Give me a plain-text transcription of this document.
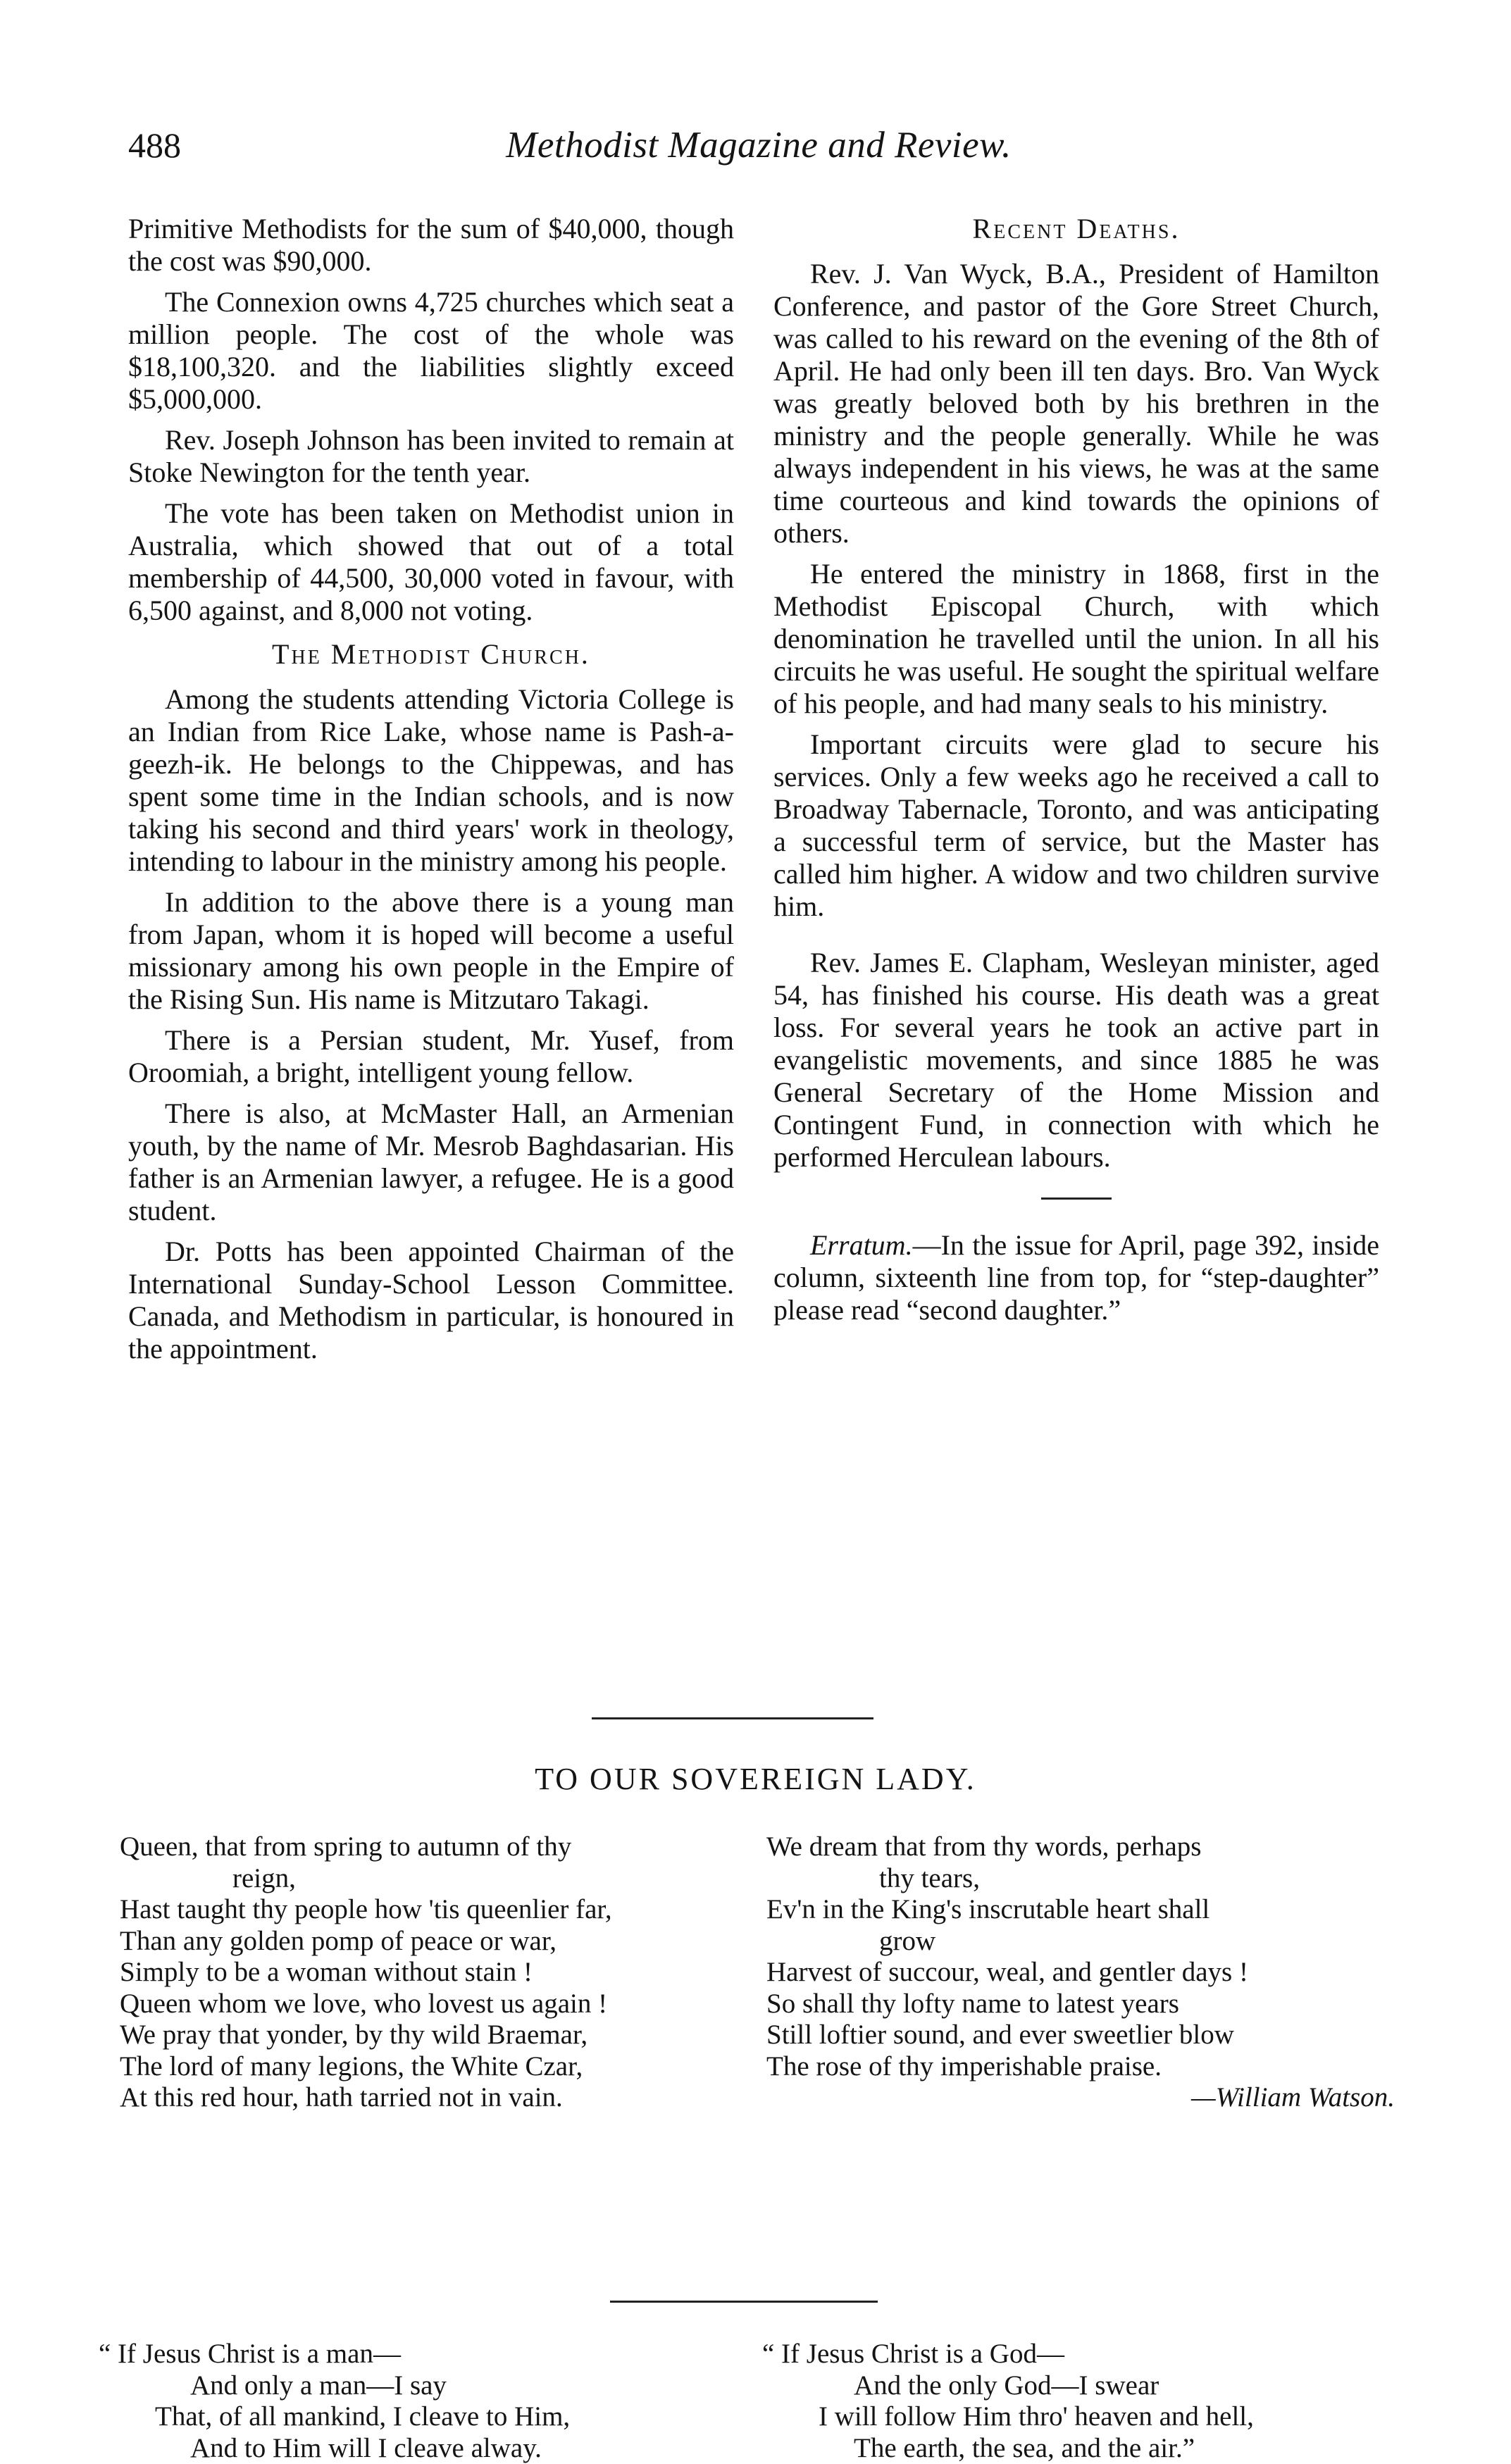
488	Methodist Magazine and Review.

Primitive Methodists for the sum of $40,000, though the cost was $90,000.

The Connexion owns 4,725 churches which seat a million people. The cost of the whole was $18,100,320. and the liabilities slightly exceed $5,000,000.

Rev. Joseph Johnson has been invited to remain at Stoke Newington for the tenth year.

The vote has been taken on Methodist union in Australia, which showed that out of a total membership of 44,500, 30,000 voted in favour, with 6,500 against, and 8,000 not voting.

The Methodist Church.

Among the students attending Victoria College is an Indian from Rice Lake, whose name is Pash-a-geezh-ik. He belongs to the Chippewas, and has spent some time in the Indian schools, and is now taking his second and third years' work in theology, intending to labour in the ministry among his people.

In addition to the above there is a young man from Japan, whom it is hoped will become a useful missionary among his own people in the Empire of the Rising Sun. His name is Mitzutaro Takagi.

There is a Persian student, Mr. Yusef, from Oroomiah, a bright, intelligent young fellow.

There is also, at McMaster Hall, an Armenian youth, by the name of Mr. Mesrob Baghdasarian. His father is an Armenian lawyer, a refugee. He is a good student.

Dr. Potts has been appointed Chairman of the International Sunday-School Lesson Committee. Canada, and Methodism in particular, is honoured in the appointment.

Recent Deaths.

Rev. J. Van Wyck, B.A., President of Hamilton Conference, and pastor of the Gore Street Church, was called to his reward on the evening of the 8th of April. He had only been ill ten days. Bro. Van Wyck was greatly beloved both by his brethren in the ministry and the people generally. While he was always independent in his views, he was at the same time courteous and kind towards the opinions of others.

He entered the ministry in 1868, first in the Methodist Episcopal Church, with which denomination he travelled until the union. In all his circuits he was useful. He sought the spiritual welfare of his people, and had many seals to his ministry.

Important circuits were glad to secure his services. Only a few weeks ago he received a call to Broadway Tabernacle, Toronto, and was anticipating a successful term of service, but the Master has called him higher. A widow and two children survive him.

Rev. James E. Clapham, Wesleyan minister, aged 54, has finished his course. His death was a great loss. For several years he took an active part in evangelistic movements, and since 1885 he was General Secretary of the Home Mission and Contingent Fund, in connection with which he performed Herculean labours.

Erratum.—In the issue for April, page 392, inside column, sixteenth line from top, for “step-daughter” please read “second daughter.”

TO OUR SOVEREIGN LADY.
Queen, that from spring to autumn of thy
reign,
Hast taught thy people how 'tis queenlier far,
Than any golden pomp of peace or war,
Simply to be a woman without stain !
Queen whom we love, who lovest us again !
We pray that yonder, by thy wild Braemar,
The lord of many legions, the White Czar,
At this red hour, hath tarried not in vain.
We dream that from thy words, perhaps
thy tears,
Ev'n in the King's inscrutable heart shall
grow
Harvest of succour, weal, and gentler days !
So shall thy lofty name to latest years
Still loftier sound, and ever sweetlier blow
The rose of thy imperishable praise.
—William Watson.
“ If Jesus Christ is a man—
And only a man—I say
That, of all mankind, I cleave to Him,
And to Him will I cleave alway.
“ If Jesus Christ is a God—
And the only God—I swear
I will follow Him thro' heaven and hell,
The earth, the sea, and the air.”
